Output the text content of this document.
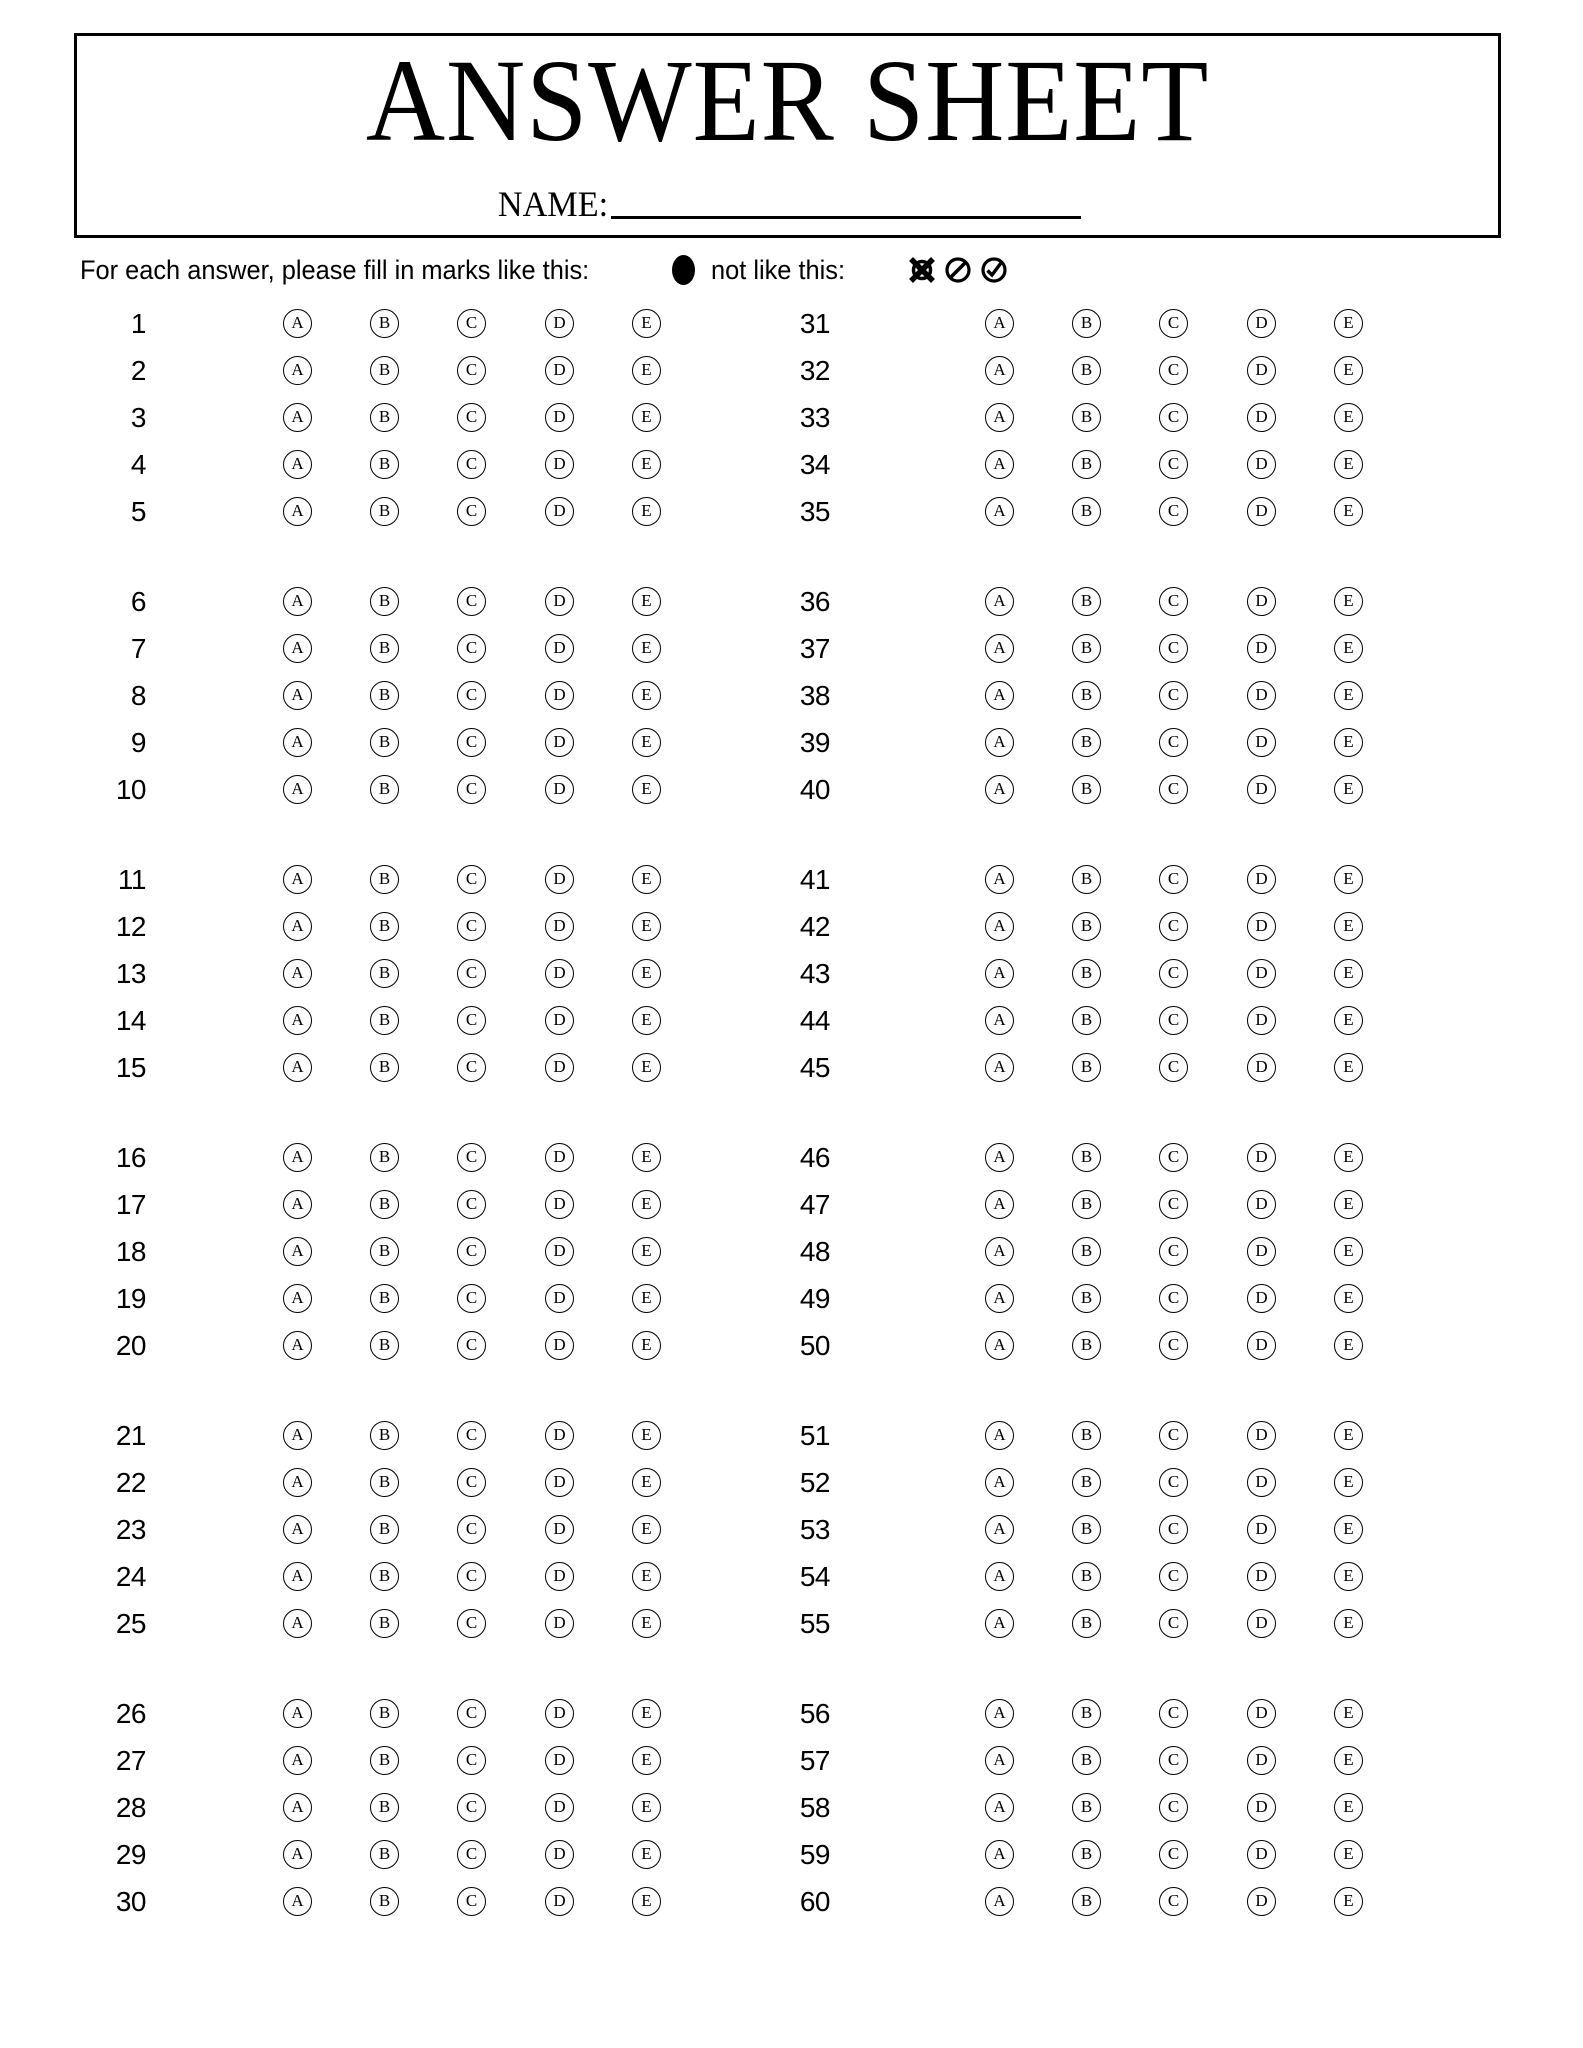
ANSWER SHEET
NAME:
For each answer, please fill in marks like this:	not like this:
1	A	B	C	D	E	31	A	B	C	D	E
2	A	B	C	D	E	32	A	B	C	D	E
3	A	B	C	D	E	33	A	B	C	D	E
4	A	B	C	D	E	34	A	B	C	D	E
5	A	B	C	D	E	35	A	B	C	D	E
6	A	B	C	D	E	36	A	B	C	D	E
7	A	B	C	D	E	37	A	B	C	D	E
8	A	B	C	D	E	38	A	B	C	D	E
9	A	B	C	D	E	39	A	B	C	D	E
10	A	B	C	D	E	40	A	B	C	D	E
11	A	B	C	D	E	41	A	B	C	D	E
12	A	B	C	D	E	42	A	B	C	D	E
13	A	B	C	D	E	43	A	B	C	D	E
14	A	B	C	D	E	44	A	B	C	D	E
15	A	B	C	D	E	45	A	B	C	D	E
16	A	B	C	D	E	46	A	B	C	D	E
17	A	B	C	D	E	47	A	B	C	D	E
18	A	B	C	D	E	48	A	B	C	D	E
19	A	B	C	D	E	49	A	B	C	D	E
20	A	B	C	D	E	50	A	B	C	D	E
21	A	B	C	D	E	51	A	B	C	D	E
22	A	B	C	D	E	52	A	B	C	D	E
23	A	B	C	D	E	53	A	B	C	D	E
24	A	B	C	D	E	54	A	B	C	D	E
25	A	B	C	D	E	55	A	B	C	D	E
26	A	B	C	D	E	56	A	B	C	D	E
27	A	B	C	D	E	57	A	B	C	D	E
28	A	B	C	D	E	58	A	B	C	D	E
29	A	B	C	D	E	59	A	B	C	D	E
30	A	B	C	D	E	60	A	B	C	D	E
